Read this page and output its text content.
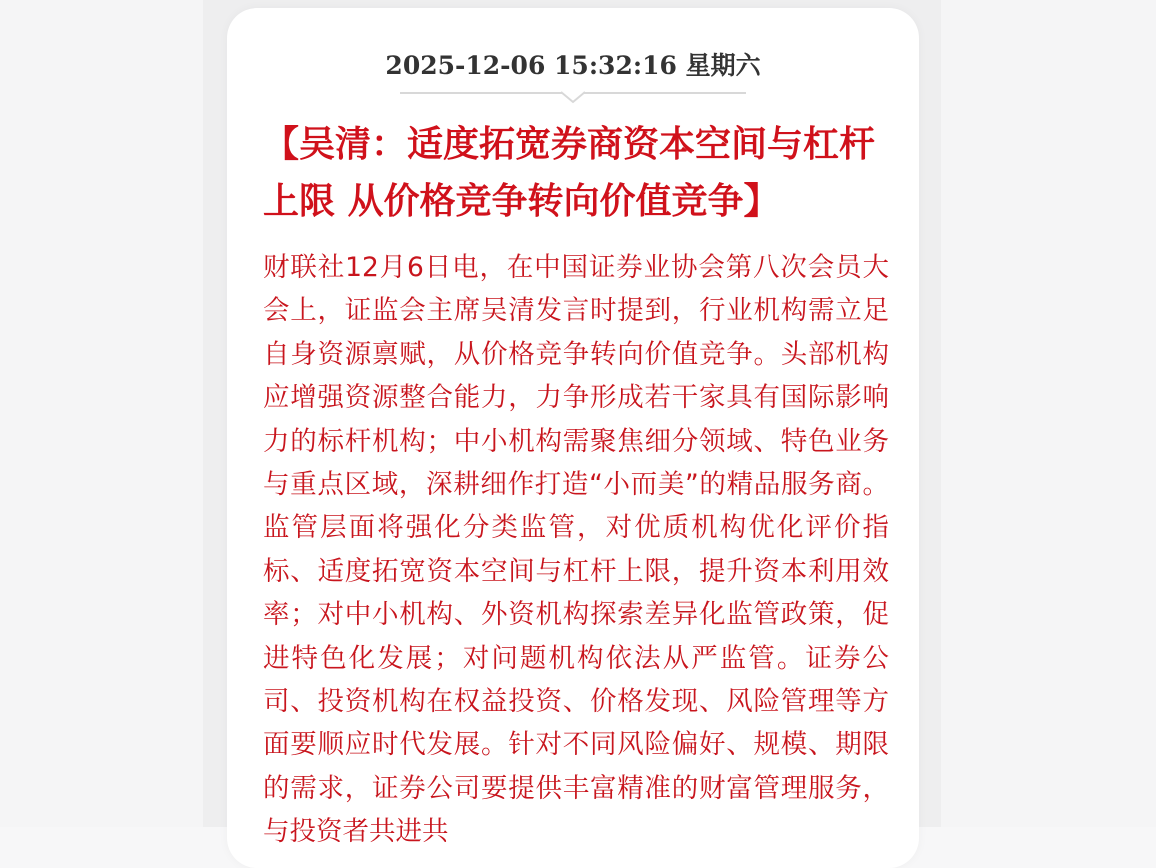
2025-12-06 15:32:16 星期六
【吴清：适度拓宽券商资本空间与杠杆上限 从价格竞争转向价值竞争】

财联社12月6日电，在中国证券业协会第八次会员大会上，证监会主席吴清发言时提到，行业机构需立足自身资源禀赋，从价格竞争转向价值竞争。头部机构应增强资源整合能力，力争形成若干家具有国际影响力的标杆机构；中小机构需聚焦细分领域、特色业务与重点区域，深耕细作打造“小而美”的精品服务商。监管层面将强化分类监管，对优质机构优化评价指标、适度拓宽资本空间与杠杆上限，提升资本利用效率；对中小机构、外资机构探索差异化监管政策，促进特色化发展；对问题机构依法从严监管。证券公司、投资机构在权益投资、价格发现、风险管理等方面要顺应时代发展。针对不同风险偏好、规模、期限的需求，证券公司要提供丰富精准的财富管理服务，与投资者共进共
